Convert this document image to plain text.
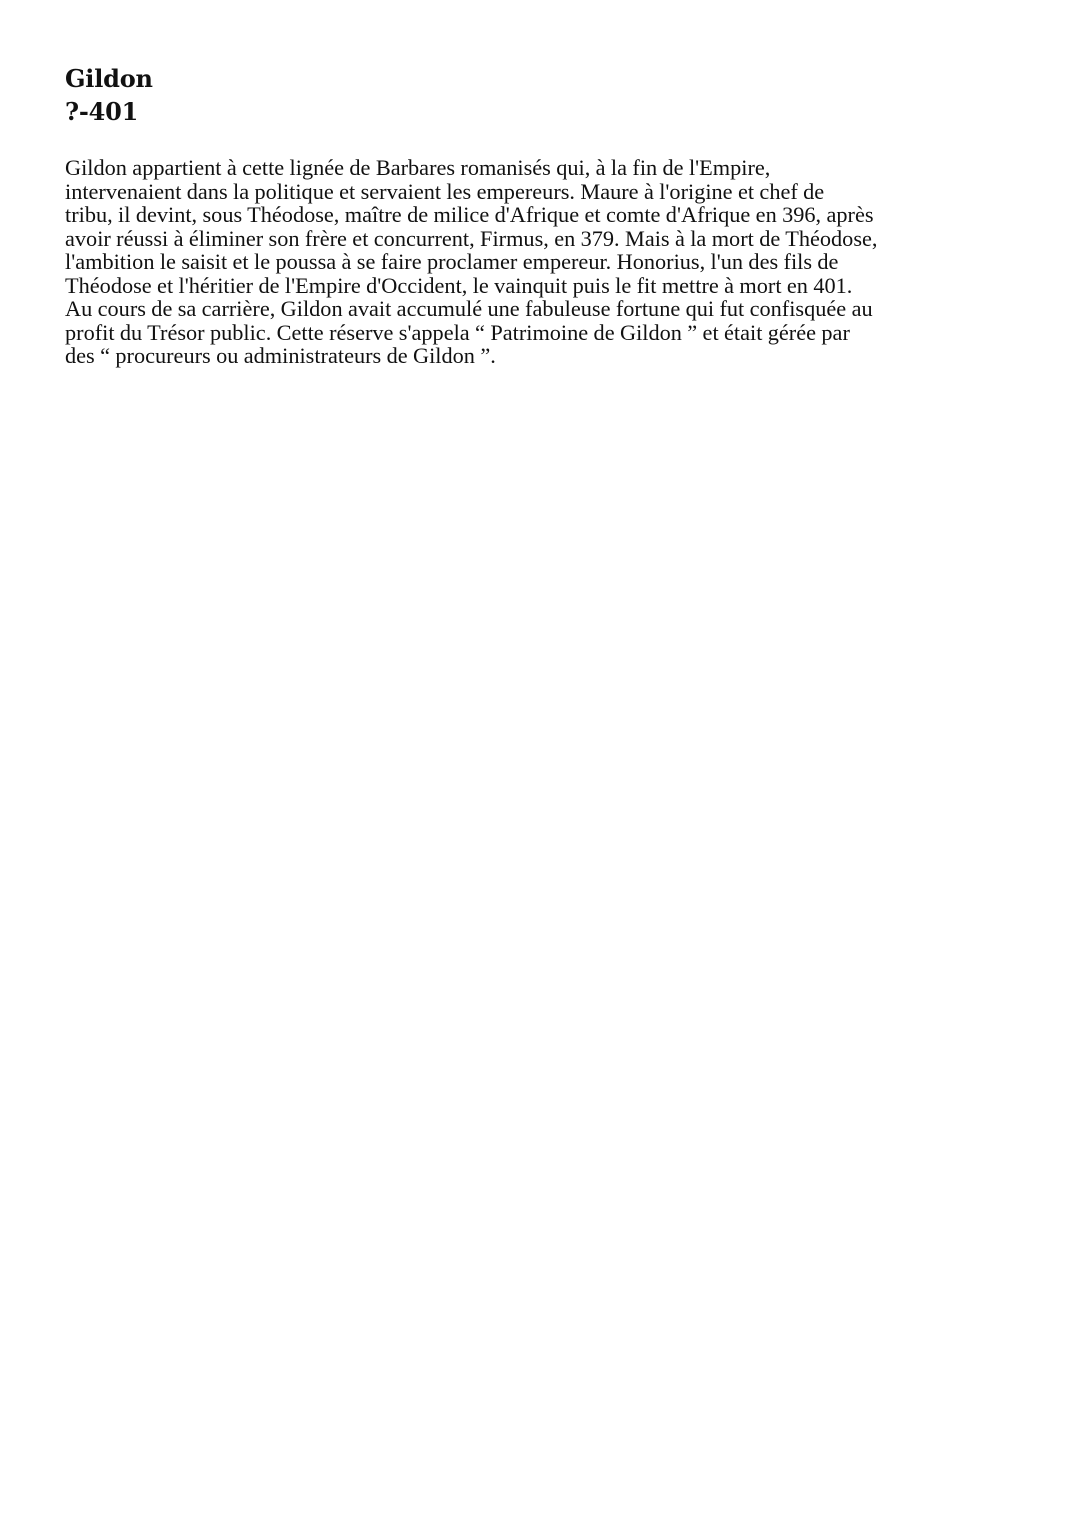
Gildon
?-401
Gildon appartient à cette lignée de Barbares romanisés qui, à la fin de l'Empire,
intervenaient dans la politique et servaient les empereurs. Maure à l'origine et chef de
tribu, il devint, sous Théodose, maître de milice d'Afrique et comte d'Afrique en 396, après
avoir réussi à éliminer son frère et concurrent, Firmus, en 379. Mais à la mort de Théodose,
l'ambition le saisit et le poussa à se faire proclamer empereur. Honorius, l'un des fils de
Théodose et l'héritier de l'Empire d'Occident, le vainquit puis le fit mettre à mort en 401.
Au cours de sa carrière, Gildon avait accumulé une fabuleuse fortune qui fut confisquée au
profit du Trésor public. Cette réserve s'appela “ Patrimoine de Gildon ” et était gérée par
des “ procureurs ou administrateurs de Gildon ”.
